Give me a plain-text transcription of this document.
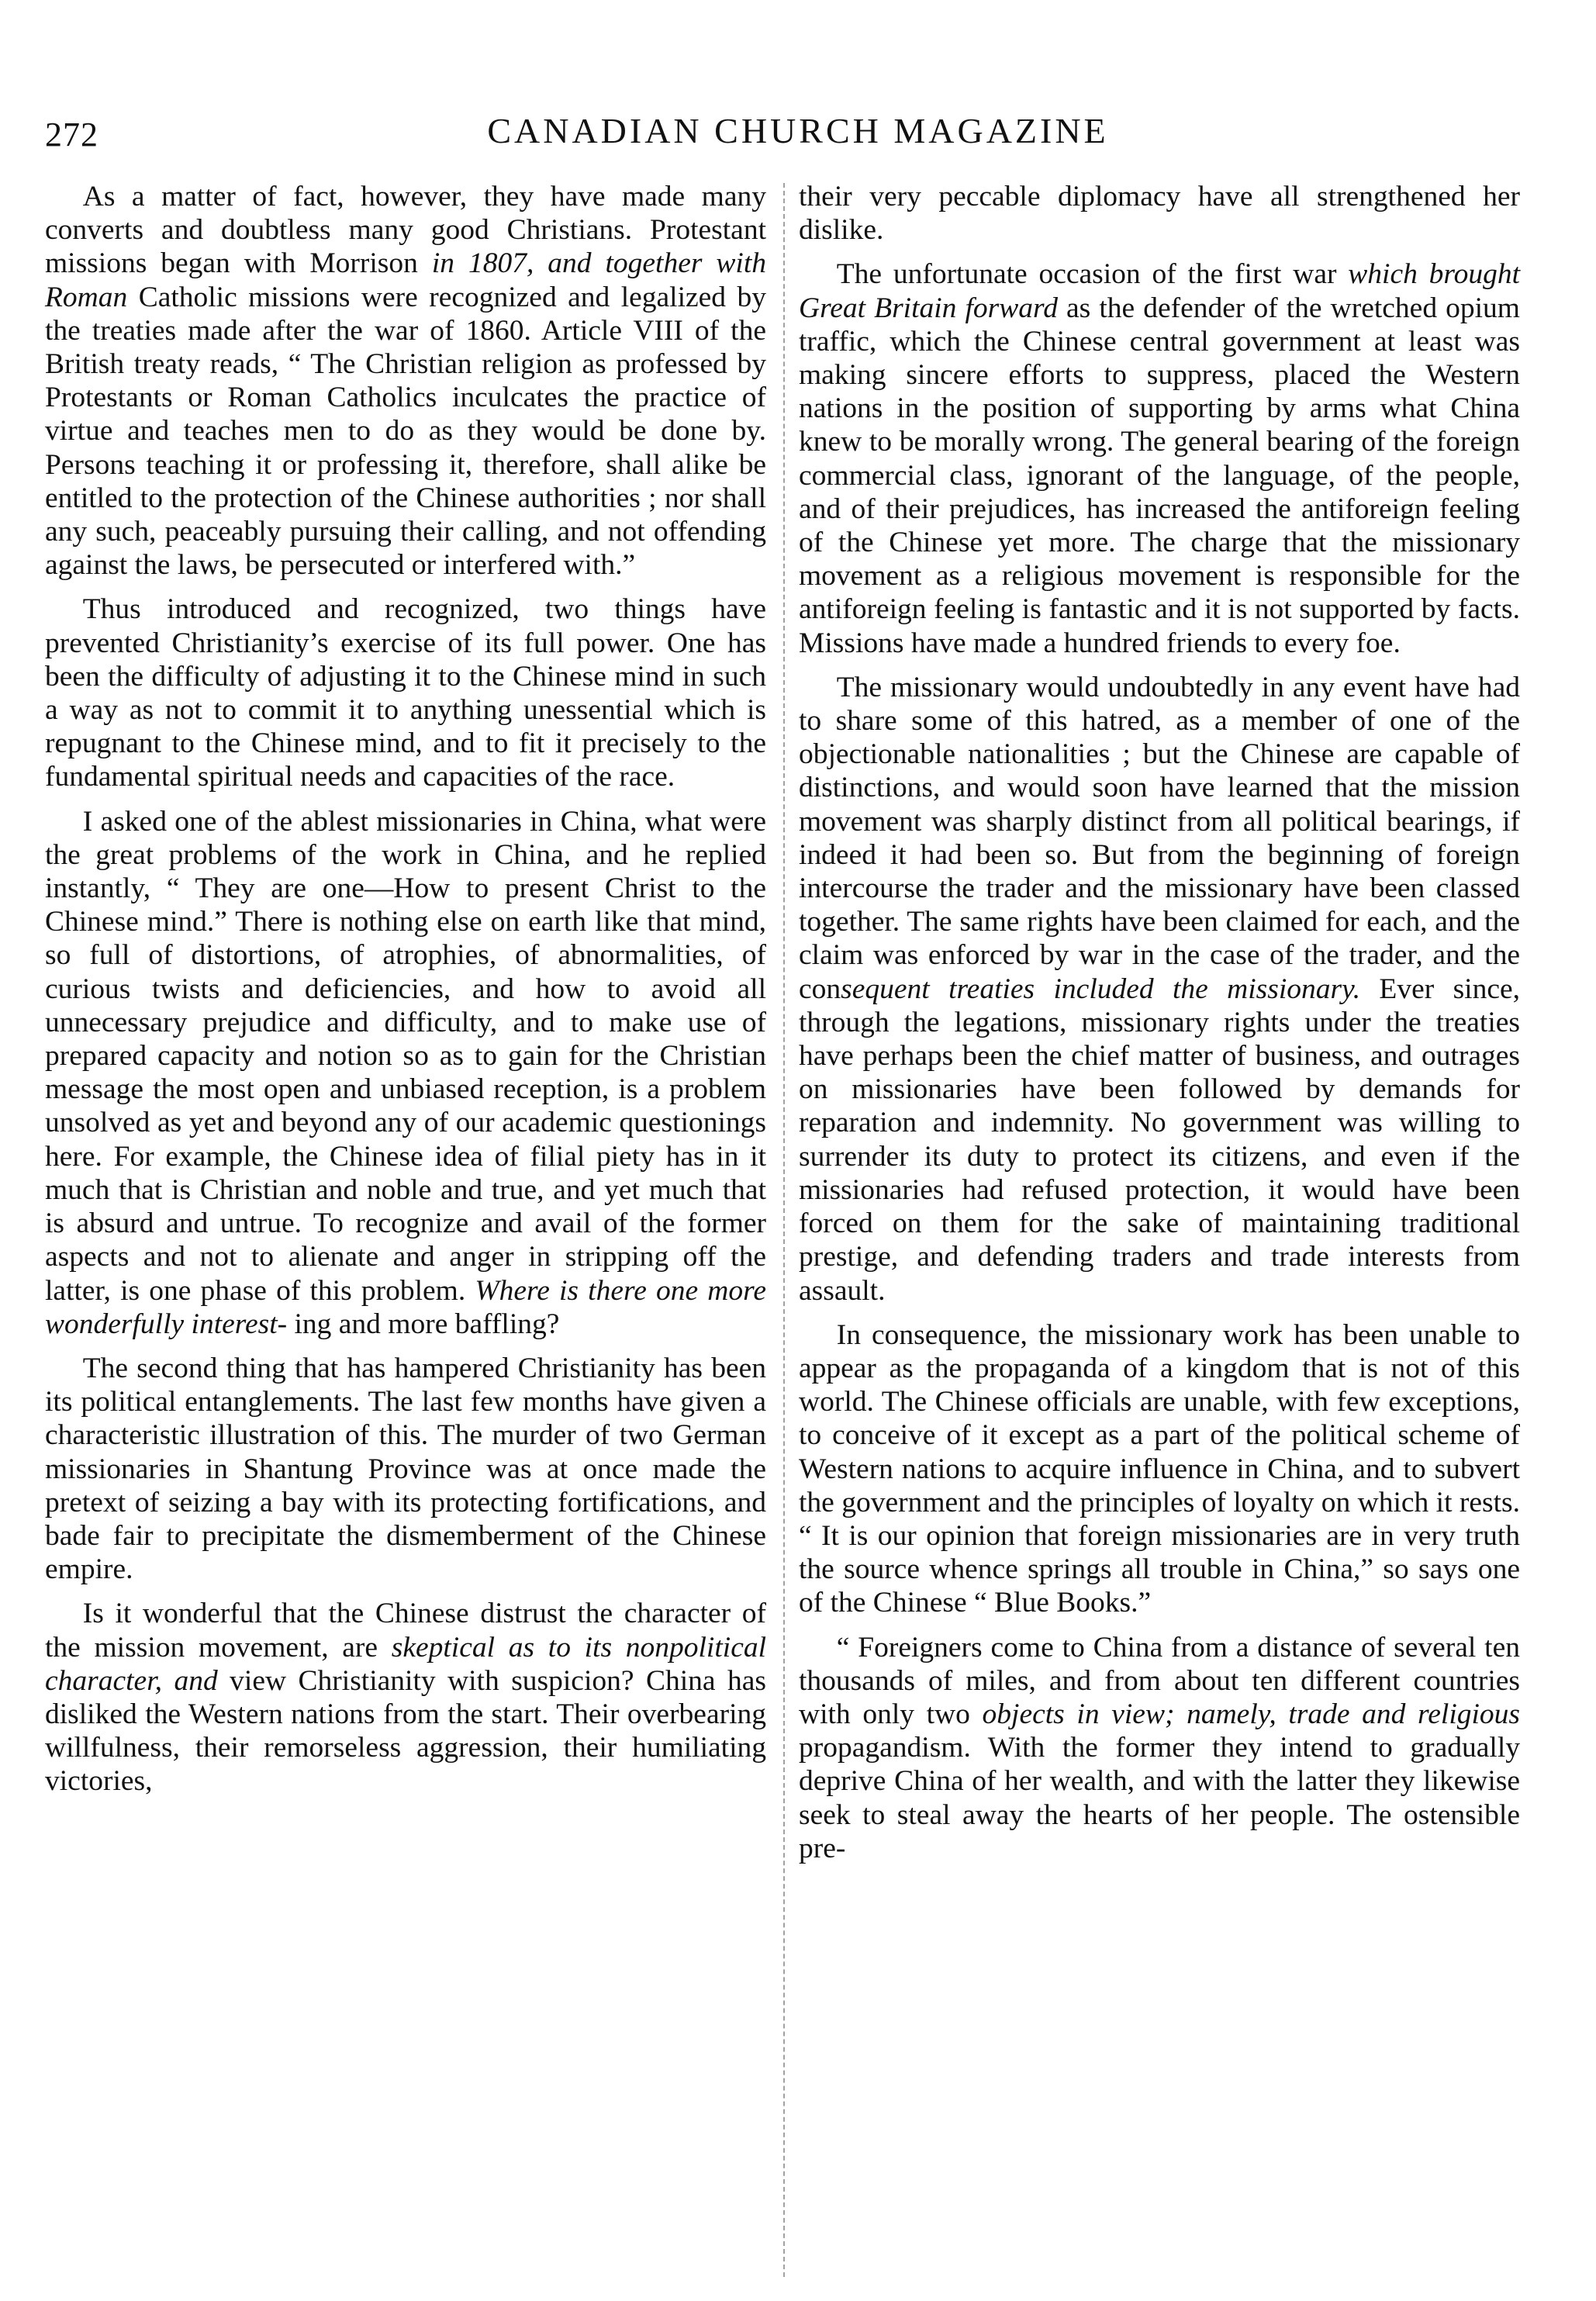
272	CANADIAN CHURCH MAGAZINE

As a matter of fact, however, they have made many converts and doubtless many good Christians. Protestant missions began with Morrison in 1807, and together with Roman Catholic missions were recognized and legalized by the treaties made after the war of 1860. Article VIII of the British treaty reads, “ The Christian religion as professed by Protestants or Roman Catholics inculcates the practice of virtue and teaches men to do as they would be done by. Persons teaching it or professing it, therefore, shall alike be entitled to the protection of the Chinese authorities ; nor shall any such, peaceably pursuing their calling, and not offending against the laws, be persecuted or interfered with.”

Thus introduced and recognized, two things have prevented Christianity’s exercise of its full power. One has been the difficulty of adjusting it to the Chinese mind in such a way as not to commit it to anything unessential which is repugnant to the Chinese mind, and to fit it precisely to the fundamental spiritual needs and capacities of the race.

I asked one of the ablest missionaries in China, what were the great problems of the work in China, and he replied instantly, “ They are one—How to present Christ to the Chinese mind.” There is nothing else on earth like that mind, so full of distortions, of atrophies, of abnormalities, of curious twists and deficiencies, and how to avoid all unnecessary prejudice and difficulty, and to make use of prepared capacity and notion so as to gain for the Christian message the most open and unbiased reception, is a problem unsolved as yet and beyond any of our academic questionings here. For example, the Chinese idea of filial piety has in it much that is Christian and noble and true, and yet much that is absurd and untrue. To recognize and avail of the former aspects and not to alienate and anger in stripping off the latter, is one phase of this problem. Where is there one more wonderfully interest- ing and more baffling?

The second thing that has hampered Christianity has been its political entanglements. The last few months have given a characteristic illustration of this. The murder of two German missionaries in Shantung Province was at once made the pretext of seizing a bay with its protecting fortifications, and bade fair to precipitate the dismemberment of the Chinese empire.

Is it wonderful that the Chinese distrust the character of the mission movement, are skeptical as to its nonpolitical character, and view Christianity with suspicion? China has disliked the Western nations from the start. Their overbearing willfulness, their remorseless aggression, their humiliating victories,

their very peccable diplomacy have all strengthened her dislike.

The unfortunate occasion of the first war which brought Great Britain forward as the defender of the wretched opium traffic, which the Chinese central government at least was making sincere efforts to suppress, placed the Western nations in the position of supporting by arms what China knew to be morally wrong. The general bearing of the foreign commercial class, ignorant of the language, of the people, and of their prejudices, has increased the antiforeign feeling of the Chinese yet more. The charge that the missionary movement as a religious movement is responsible for the antiforeign feeling is fantastic and it is not supported by facts. Missions have made a hundred friends to every foe.

The missionary would undoubtedly in any event have had to share some of this hatred, as a member of one of the objectionable nationalities ; but the Chinese are capable of distinctions, and would soon have learned that the mission movement was sharply distinct from all political bearings, if indeed it had been so. But from the beginning of foreign intercourse the trader and the missionary have been classed together. The same rights have been claimed for each, and the claim was enforced by war in the case of the trader, and the consequent treaties included the missionary. Ever since, through the legations, missionary rights under the treaties have perhaps been the chief matter of business, and outrages on missionaries have been followed by demands for reparation and indemnity. No government was willing to surrender its duty to protect its citizens, and even if the missionaries had refused protection, it would have been forced on them for the sake of maintaining traditional prestige, and defending traders and trade interests from assault.

In consequence, the missionary work has been unable to appear as the propaganda of a kingdom that is not of this world. The Chinese officials are unable, with few exceptions, to conceive of it except as a part of the political scheme of Western nations to acquire influence in China, and to subvert the government and the principles of loyalty on which it rests. “ It is our opinion that foreign missionaries are in very truth the source whence springs all trouble in China,” so says one of the Chinese “ Blue Books.”

“ Foreigners come to China from a distance of several ten thousands of miles, and from about ten different countries with only two objects in view; namely, trade and religious propagandism. With the former they intend to gradually deprive China of her wealth, and with the latter they likewise seek to steal away the hearts of her people. The ostensible pre-
